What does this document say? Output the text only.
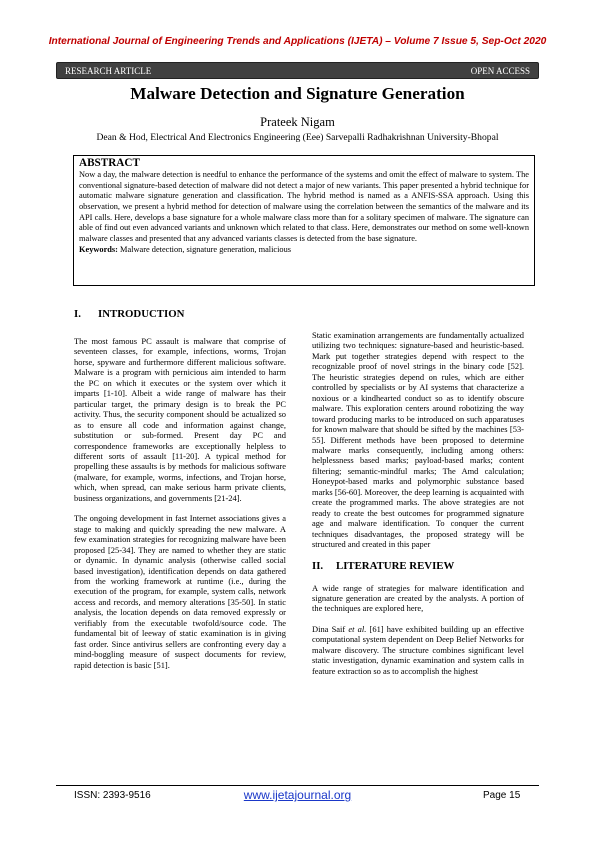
International Journal of Engineering Trends and Applications (IJETA) – Volume 7 Issue 5, Sep-Oct 2020
RESEARCH ARTICLE	OPEN ACCESS
Malware Detection and Signature Generation
Prateek Nigam
Dean & Hod, Electrical And Electronics Engineering (Eee) Sarvepalli Radhakrishnan University-Bhopal
ABSTRACT
Now a day, the malware detection is needful to enhance the performance of the systems and omit the effect of malware to system. The conventional signature-based detection of malware did not detect a major of new variants. This paper presented a hybrid technique for automatic malware signature generation and classification. The hybrid method is named as a ANFIS-SSA approach. Using this observation, we present a hybrid method for detection of malware using the correlation between the semantics of the malware and its API calls. Here, develops a base signature for a whole malware class more than for a solitary specimen of malware. The signature can able of find out even advanced variants and unknown which related to that class. Here, demonstrates our method on some well-known malware classes and presented that any advanced variants classes is detected from the base signature.
Keywords: Malware detection, signature generation, malicious
I. INTRODUCTION

The most famous PC assault is malware that comprise of seventeen classes, for example, infections, worms, Trojan horse, spyware and furthermore different malicious software. Malware is a program with pernicious aim intended to harm the PC on which it executes or the system over which it imparts [1-10]. Albeit a wide range of malware has their particular target, the primary design is to break the PC activity. Thus, the security component should be actualized so as to ensure all code and information against change, substitution or sub-formed. Present day PC and correspondence frameworks are exceptionally helpless to different sorts of assault [11-20]. A typical method for propelling these assaults is by methods for malicious software (malware, for example, worms, infections, and Trojan horse, which, when spread, can make serious harm private clients, business organizations, and governments [21-24].

The ongoing development in fast Internet associations gives a stage to making and quickly spreading the new malware. A few examination strategies for recognizing malware have been proposed [25-34]. They are named to whether they are static or dynamic. In dynamic analysis (otherwise called social based investigation), identification depends on data gathered from the working framework at runtime (i.e., during the execution of the program, for example, system calls, network access and records, and memory alterations [35-50]. In static analysis, the location depends on data removed expressly or verifiably from the executable twofold/source code. The fundamental bit of leeway of static examination is in giving fast order. Since antivirus sellers are confronting every day a mind-boggling measure of suspect documents for review, rapid detection is basic [51].

Static examination arrangements are fundamentally actualized utilizing two techniques: signature-based and heuristic-based. Mark put together strategies depend with respect to the recognizable proof of novel strings in the binary code [52]. The heuristic strategies depend on rules, which are either controlled by specialists or by AI systems that characterize a noxious or a kindhearted conduct so as to identify obscure malware. This exploration centers around robotizing the way toward producing marks to be introduced on such apparatuses for known malware that should be sifted by the machines [53-55]. Different methods have been proposed to determine malware marks consequently, including among others: helplessness based marks; payload-based marks; content filtering; semantic-mindful marks; The Amd calculation; Honeypot-based marks and polymorphic substance based marks [56-60]. Moreover, the deep learning is acquainted with create the programmed marks. The above strategies are not ready to create the best outcomes for programmed signature age and malware identification. To conquer the current techniques disadvantages, the proposed strategy will be structured and created in this paper

II. LITERATURE REVIEW

A wide range of strategies for malware identification and signature generation are created by the analysts. A portion of the techniques are explored here,

Dina Saif et al. [61] have exhibited building up an effective computational system dependent on Deep Belief Networks for malware discovery. The structure combines significant level static investigation, dynamic examination and system calls in feature extraction so as to accomplish the highest

ISSN: 2393-9516	www.ijetajournal.org	Page 15
